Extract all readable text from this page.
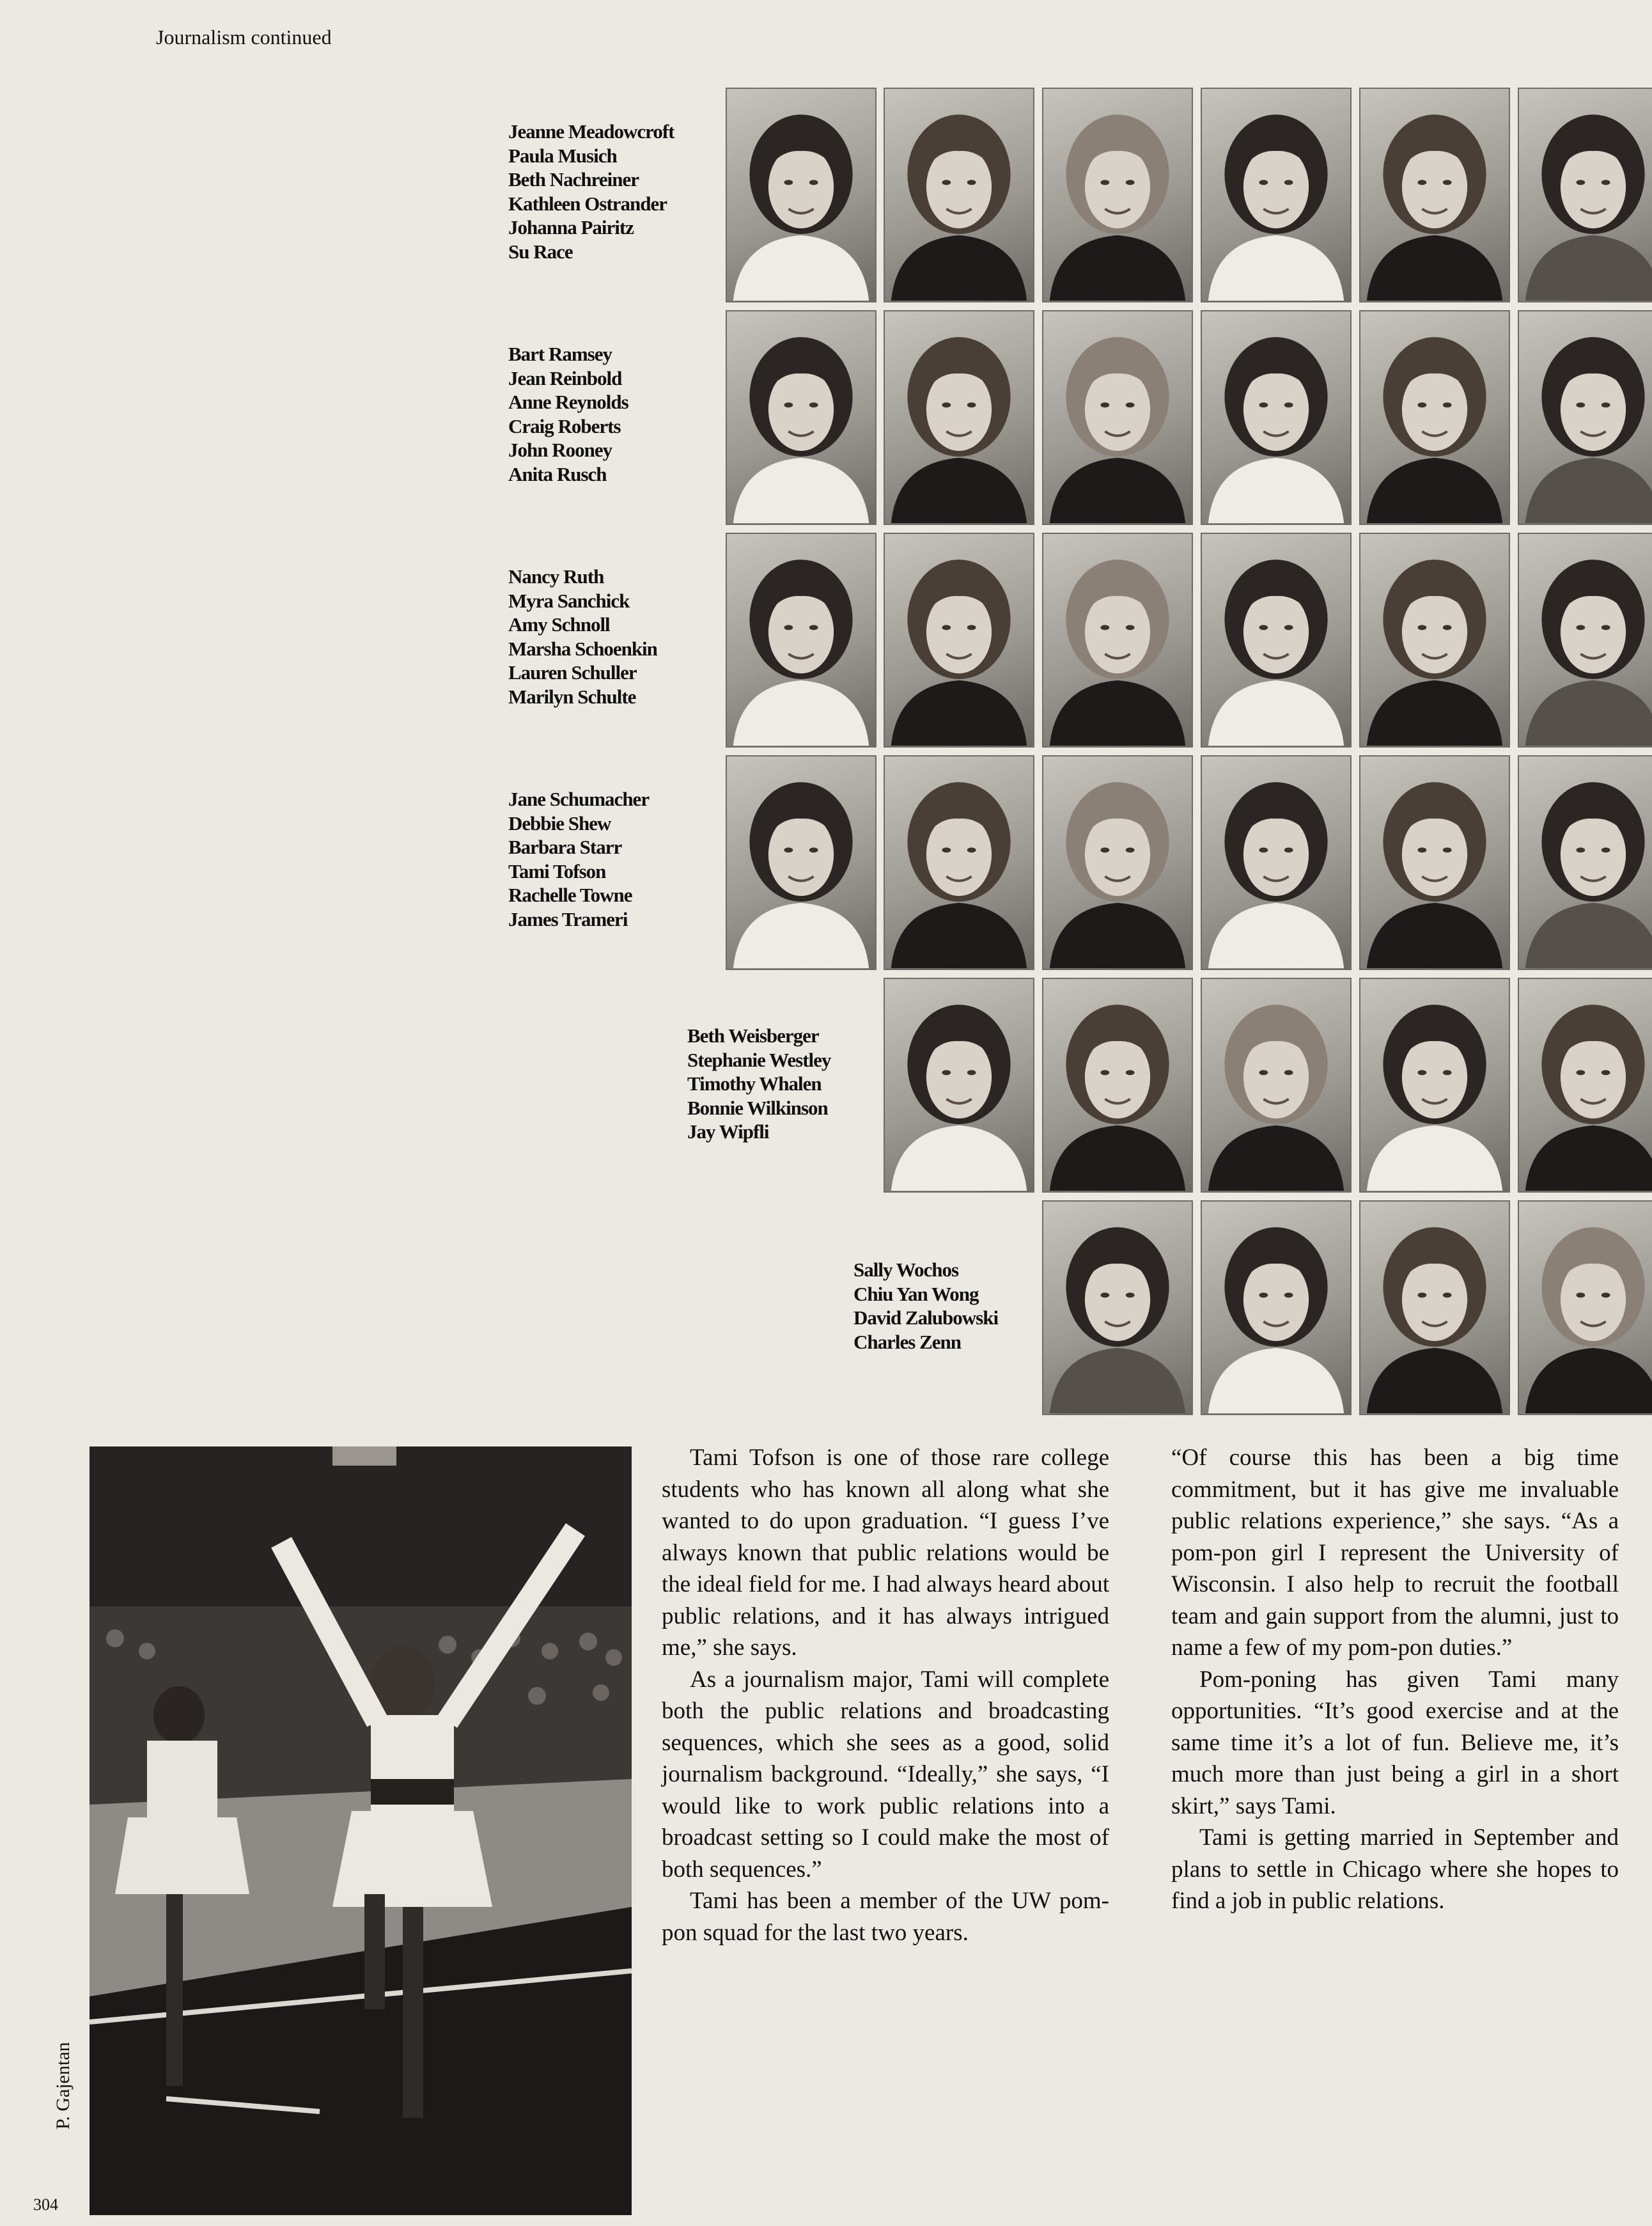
Journalism continued
Jeanne Meadowcroft
Paula Musich
Beth Nachreiner
Kathleen Ostrander
Johanna Pairitz
Su Race
Bart Ramsey
Jean Reinbold
Anne Reynolds
Craig Roberts
John Rooney
Anita Rusch
Nancy Ruth
Myra Sanchick
Amy Schnoll
Marsha Schoenkin
Lauren Schuller
Marilyn Schulte
Jane Schumacher
Debbie Shew
Barbara Starr
Tami Tofson
Rachelle Towne
James Trameri
Beth Weisberger
Stephanie Westley
Timothy Whalen
Bonnie Wilkinson
Jay Wipfli
Sally Wochos
Chiu Yan Wong
David Zalubowski
Charles Zenn
P. Gajentan
304

Tami Tofson is one of those rare college students who has known all along what she wanted to do upon graduation. “I guess I’ve always known that public relations would be the ideal field for me. I had always heard about public relations, and it has always intrigued me,” she says.

As a journalism major, Tami will complete both the public relations and broadcasting sequences, which she sees as a good, solid journalism background. “Ideally,” she says, “I would like to work public relations into a broadcast setting so I could make the most of both sequences.”

Tami has been a member of the UW pom-pon squad for the last two years.

“Of course this has been a big time commitment, but it has give me invaluable public relations experience,” she says. “As a pom-pon girl I represent the University of Wisconsin. I also help to recruit the football team and gain support from the alumni, just to name a few of my pom-pon duties.”

Pom-poning has given Tami many opportunities. “It’s good exercise and at the same time it’s a lot of fun. Believe me, it’s much more than just being a girl in a short skirt,” says Tami.

Tami is getting married in September and plans to settle in Chicago where she hopes to find a job in public relations.
